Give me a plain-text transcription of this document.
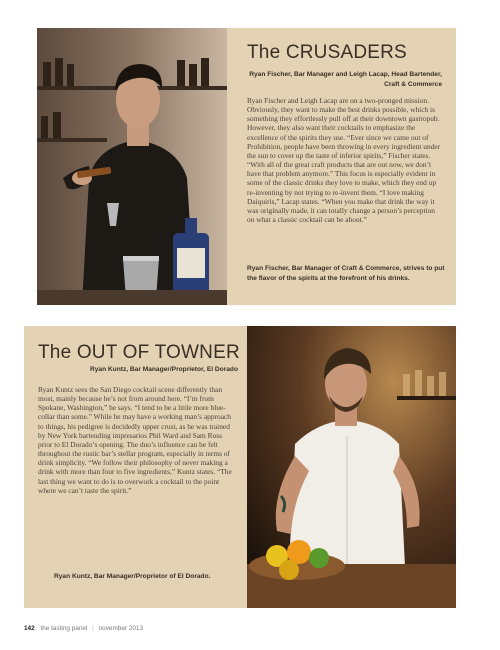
The CRUSADERS
Ryan Fischer, Bar Manager and Leigh Lacap, Head Bartender, Craft & Commerce
Ryan Fischer and Leigh Lacap are on a two-pronged mission. Obviously, they want to make the best drinks possible, which is something they effortlessly pull off at their downtown gastropub. However, they also want their cocktails to emphasize the excellence of the spirits they use. “Ever since we came out of Prohibition, people have been throwing in every ingredient under the sun to cover up the taste of inferior spirits,” Fischer states. “With all of the great craft products that are out now, we don’t have that problem anymore.” This focus is especially evident in some of the classic drinks they love to make, which they end up re-inventing by not trying to re-invent them. “I love making Daiquiris,” Lacap states. “When you make that drink the way it was originally made, it can totally change a person’s perception on what a classic cocktail can be about.”
Ryan Fischer, Bar Manager of Craft & Commerce, strives to put the flavor of the spirits at the forefront of his drinks.
The OUT OF TOWNER
Ryan Kuntz, Bar Manager/Proprietor, El Dorado
Ryan Kuntz sees the San Diego cocktail scene differently than most, mainly because he’s not from around here. “I’m from Spokane, Washington,” he says. “I tend to be a little more blue-collar than some.” While he may have a working man’s approach to things, his pedigree is decidedly upper crust, as he was trained by New York bartending impresarios Phil Ward and Sam Ross prior to El Dorado’s opening. The duo’s influence can be felt throughout the rustic bar’s stellar program, especially in terms of drink simplicity. “We follow their philosophy of never making a drink with more than four to five ingredients,” Kuntz states. “The last thing we want to do is to overwork a cocktail to the point where we can’t taste the spirit.”
Ryan Kuntz, Bar Manager/Proprietor of El Dorado.
142 the tasting panel | november 2013
